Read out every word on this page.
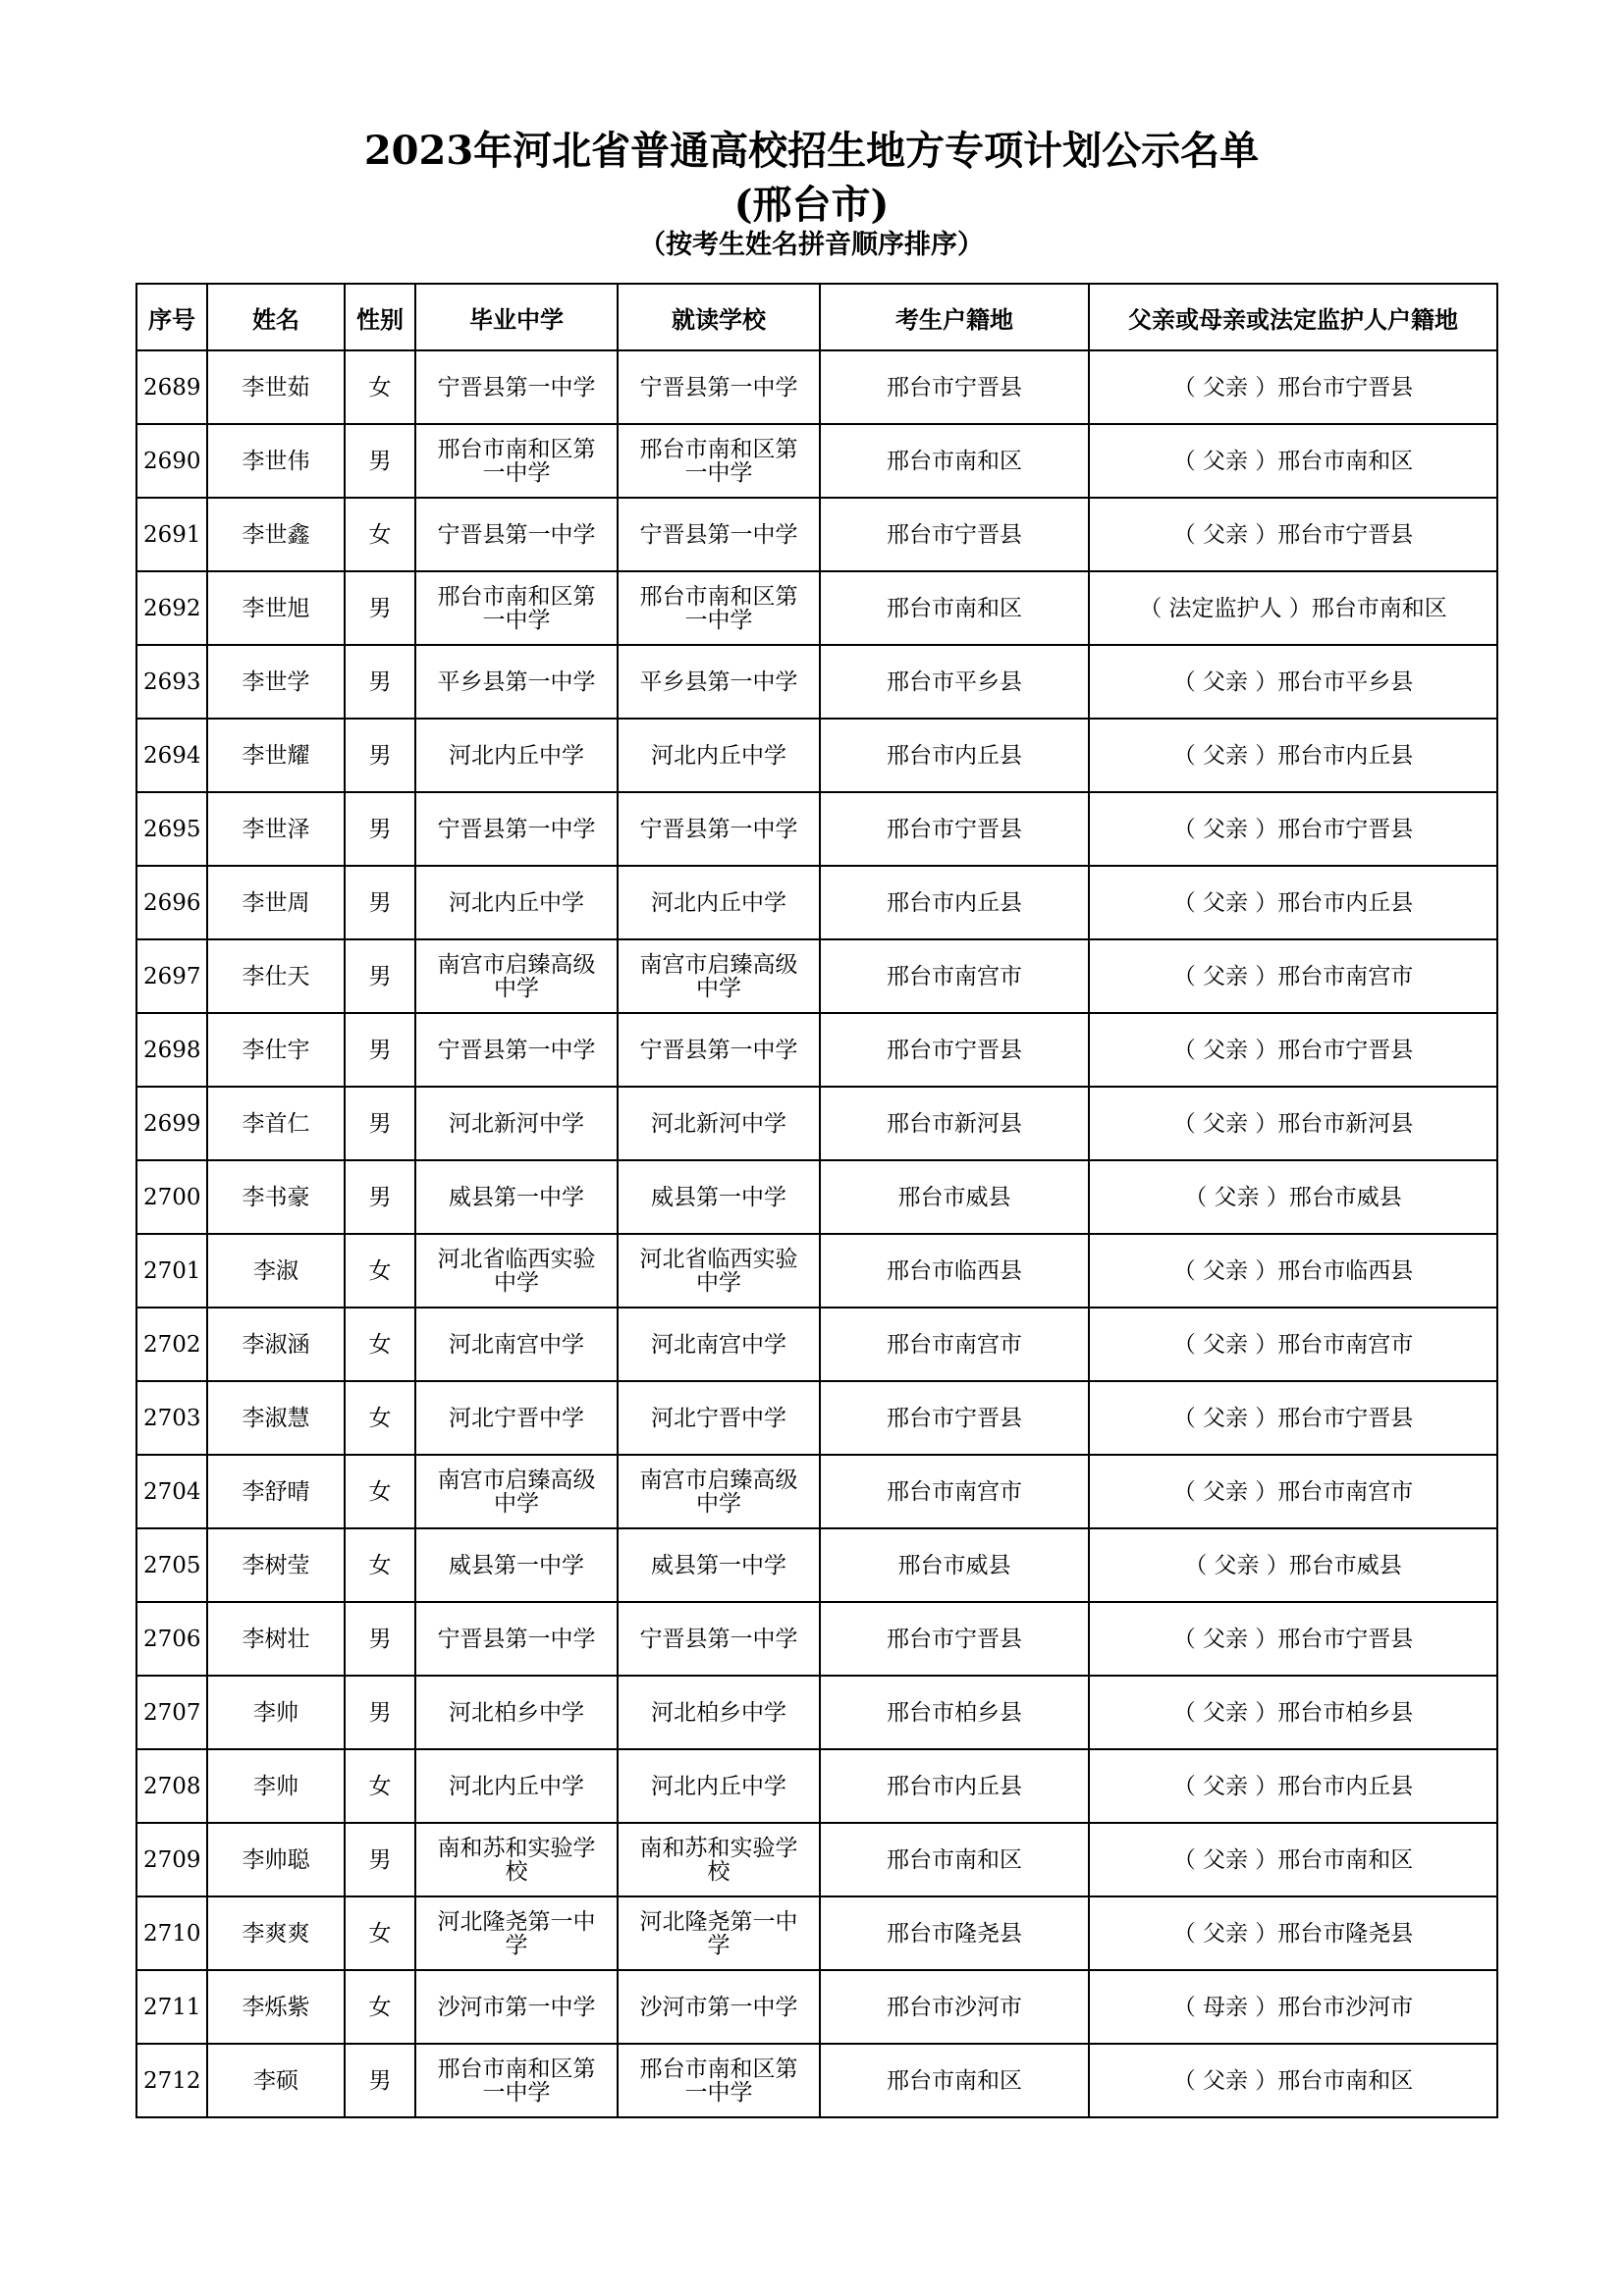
2023年河北省普通高校招生地方专项计划公示名单
(邢台市)
（按考生姓名拼音顺序排序）
序号	姓名	性别	毕业中学	就读学校	考生户籍地	父亲或母亲或法定监护人户籍地
2689	李世茹	女	宁晋县第一中学	宁晋县第一中学	邢台市宁晋县	（ 父亲 ）邢台市宁晋县
2690	李世伟	男	邢台市南和区第一中学	邢台市南和区第一中学	邢台市南和区	（ 父亲 ）邢台市南和区
2691	李世鑫	女	宁晋县第一中学	宁晋县第一中学	邢台市宁晋县	（ 父亲 ）邢台市宁晋县
2692	李世旭	男	邢台市南和区第一中学	邢台市南和区第一中学	邢台市南和区	（ 法定监护人 ）邢台市南和区
2693	李世学	男	平乡县第一中学	平乡县第一中学	邢台市平乡县	（ 父亲 ）邢台市平乡县
2694	李世耀	男	河北内丘中学	河北内丘中学	邢台市内丘县	（ 父亲 ）邢台市内丘县
2695	李世泽	男	宁晋县第一中学	宁晋县第一中学	邢台市宁晋县	（ 父亲 ）邢台市宁晋县
2696	李世周	男	河北内丘中学	河北内丘中学	邢台市内丘县	（ 父亲 ）邢台市内丘县
2697	李仕天	男	南宫市启臻高级中学	南宫市启臻高级中学	邢台市南宫市	（ 父亲 ）邢台市南宫市
2698	李仕宇	男	宁晋县第一中学	宁晋县第一中学	邢台市宁晋县	（ 父亲 ）邢台市宁晋县
2699	李首仁	男	河北新河中学	河北新河中学	邢台市新河县	（ 父亲 ）邢台市新河县
2700	李书豪	男	威县第一中学	威县第一中学	邢台市威县	（ 父亲 ）邢台市威县
2701	李淑	女	河北省临西实验中学	河北省临西实验中学	邢台市临西县	（ 父亲 ）邢台市临西县
2702	李淑涵	女	河北南宫中学	河北南宫中学	邢台市南宫市	（ 父亲 ）邢台市南宫市
2703	李淑慧	女	河北宁晋中学	河北宁晋中学	邢台市宁晋县	（ 父亲 ）邢台市宁晋县
2704	李舒晴	女	南宫市启臻高级中学	南宫市启臻高级中学	邢台市南宫市	（ 父亲 ）邢台市南宫市
2705	李树莹	女	威县第一中学	威县第一中学	邢台市威县	（ 父亲 ）邢台市威县
2706	李树壮	男	宁晋县第一中学	宁晋县第一中学	邢台市宁晋县	（ 父亲 ）邢台市宁晋县
2707	李帅	男	河北柏乡中学	河北柏乡中学	邢台市柏乡县	（ 父亲 ）邢台市柏乡县
2708	李帅	女	河北内丘中学	河北内丘中学	邢台市内丘县	（ 父亲 ）邢台市内丘县
2709	李帅聪	男	南和苏和实验学校	南和苏和实验学校	邢台市南和区	（ 父亲 ）邢台市南和区
2710	李爽爽	女	河北隆尧第一中学	河北隆尧第一中学	邢台市隆尧县	（ 父亲 ）邢台市隆尧县
2711	李烁紫	女	沙河市第一中学	沙河市第一中学	邢台市沙河市	（ 母亲 ）邢台市沙河市
2712	李硕	男	邢台市南和区第一中学	邢台市南和区第一中学	邢台市南和区	（ 父亲 ）邢台市南和区
